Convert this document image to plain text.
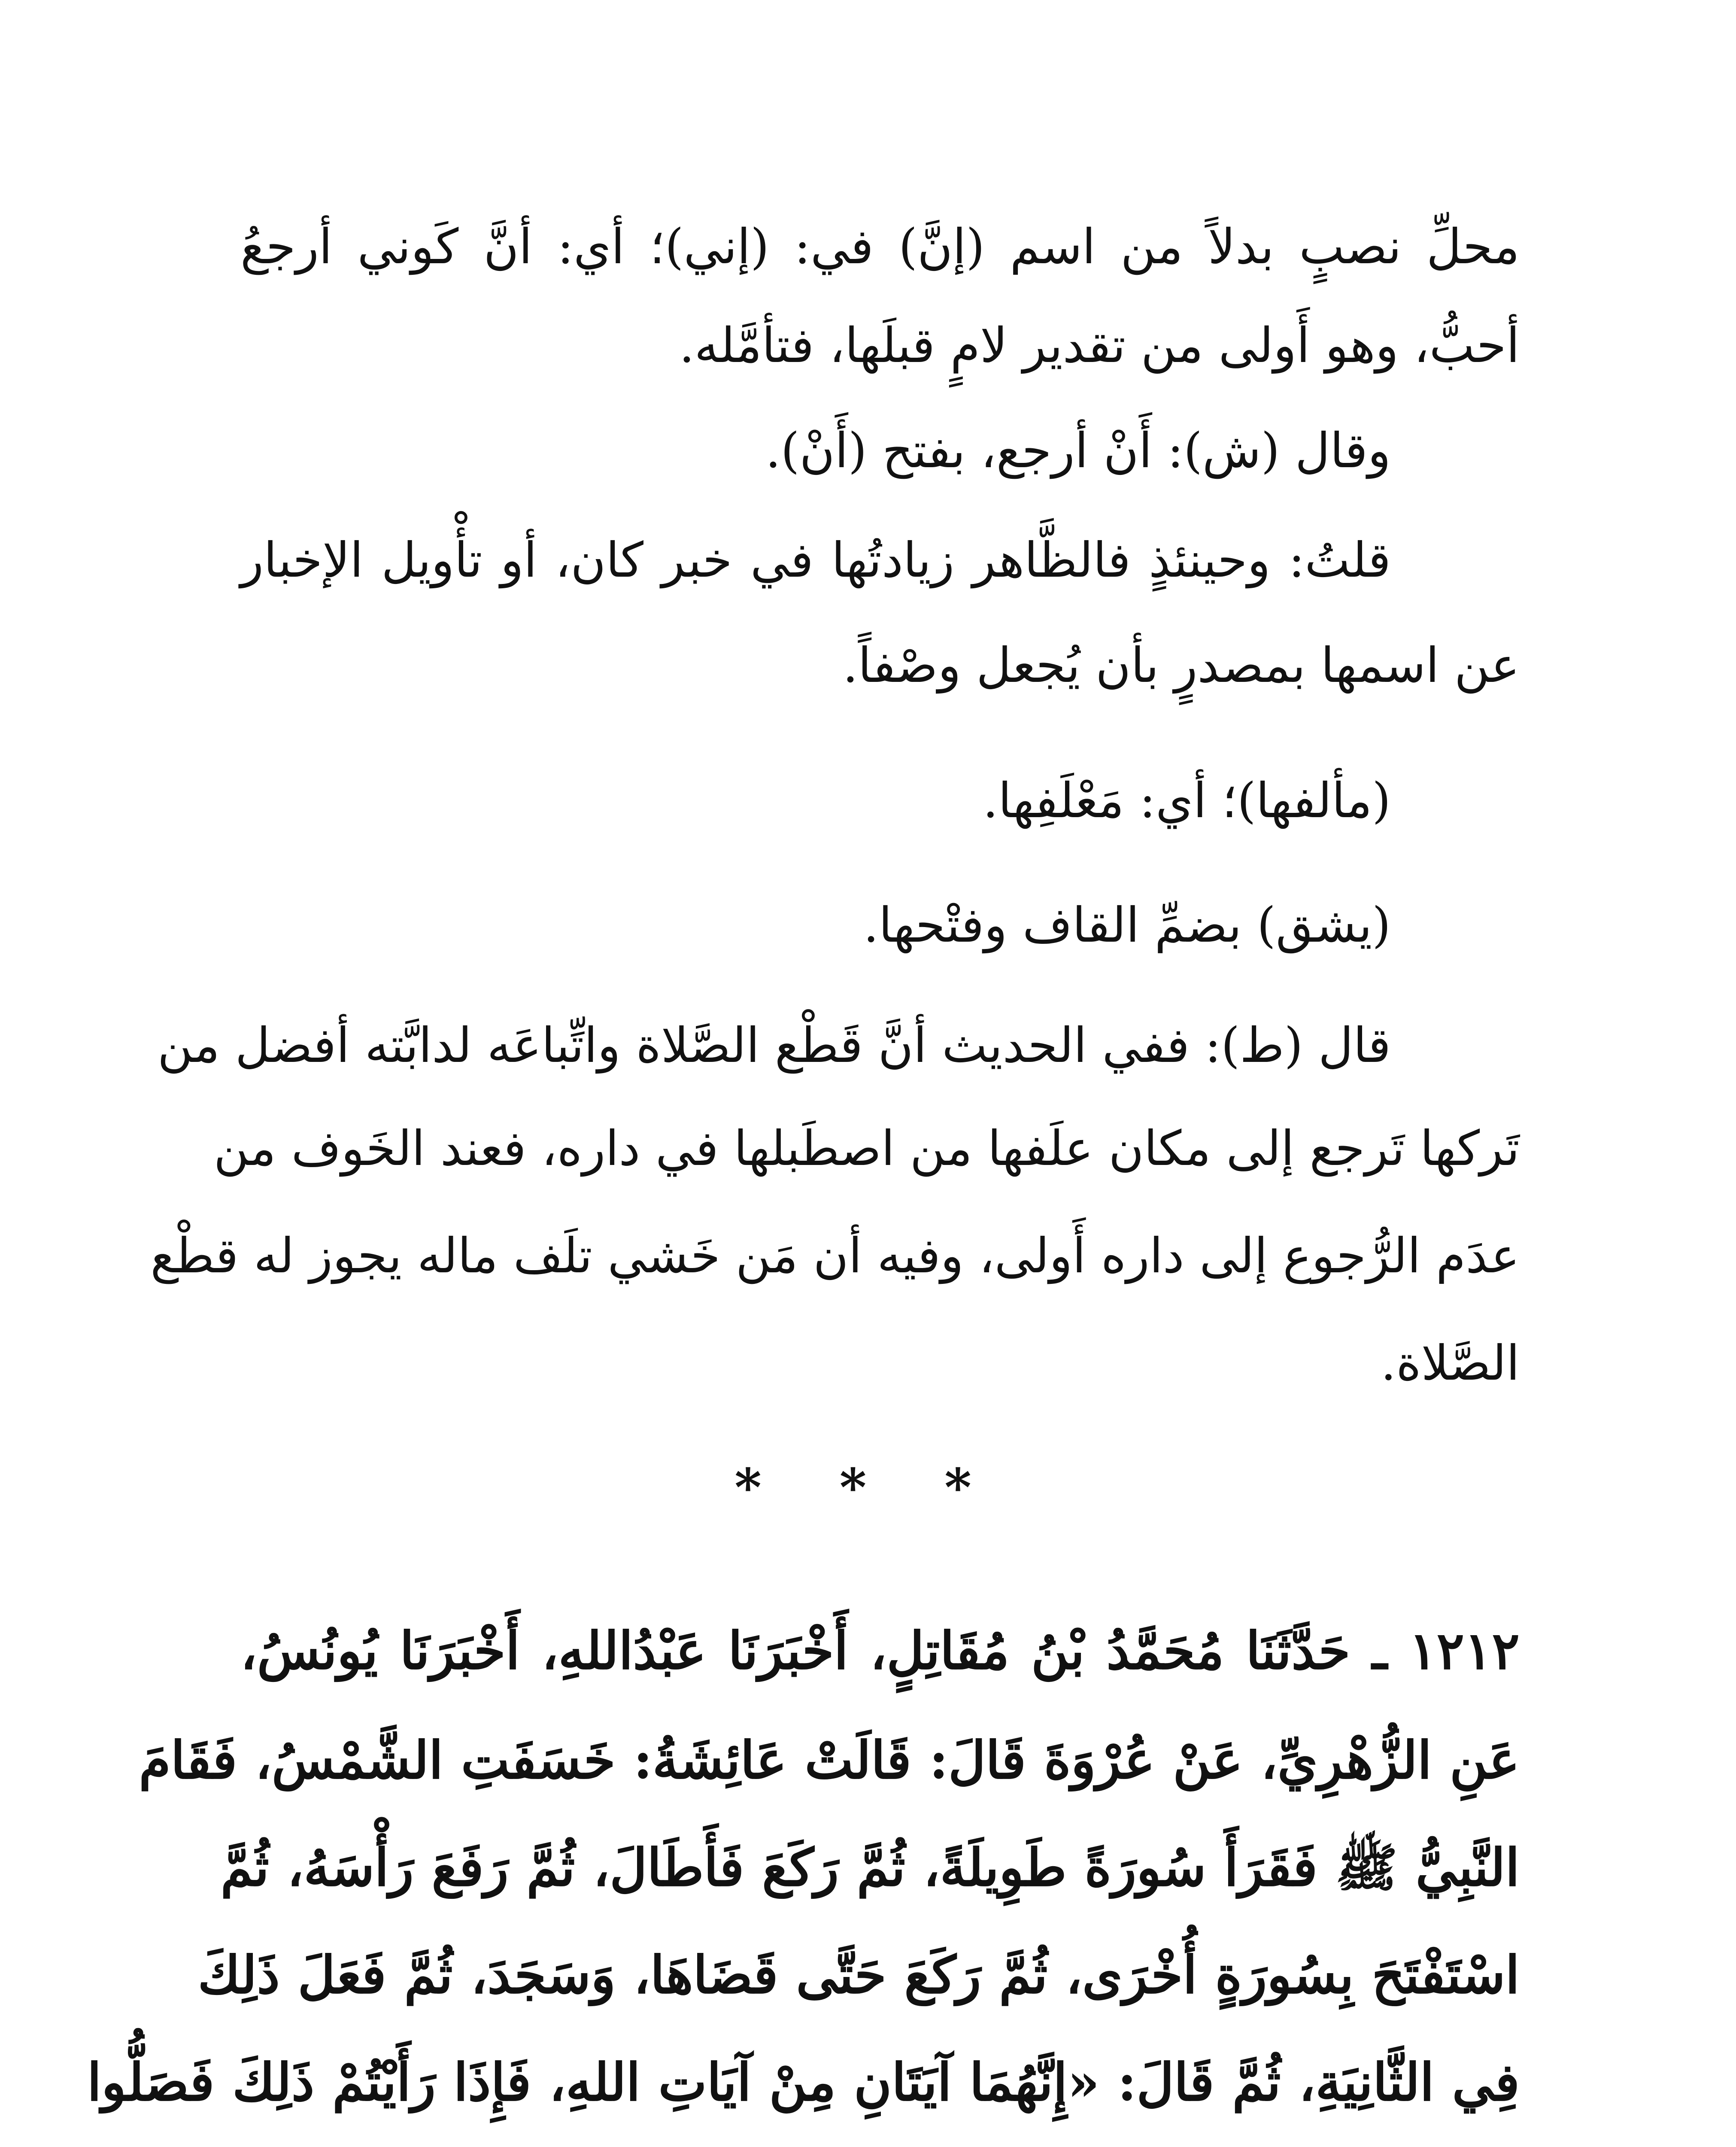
محلِّ نصبٍ بدلاً من اسم (إنَّ) في: (إني)؛ أي: أنَّ كَوني أرجعُ
أحبُّ، وهو أَولى من تقدير لامٍ قبلَها، فتأمَّله.
وقال (ش): أَنْ أرجع، بفتح (أَنْ).
قلتُ: وحينئذٍ فالظَّاهر زيادتُها في خبر كان، أو تأْويل الإخبار
عن اسمها بمصدرٍ بأن يُجعل وصْفاً.
(مألفها)؛ أي: مَعْلَفِها.
(يشق) بضمِّ القاف وفتْحها.
قال (ط): ففي الحديث أنَّ قَطْع الصَّلاة واتِّباعَه لدابَّته أفضل من
تَركها تَرجع إلى مكان علَفها من اصطَبلها في داره، فعند الخَوف من
عدَم الرُّجوع إلى داره أَولى، وفيه أن مَن خَشي تلَف ماله يجوز له قطْع
الصَّلاة.
* * *
١٢١٢ ـ حَدَّثَنَا مُحَمَّدُ بْنُ مُقَاتِلٍ، أَخْبَرَنَا عَبْدُاللهِ، أَخْبَرَنَا يُونُسُ،
عَنِ الزُّهْرِيِّ، عَنْ عُرْوَةَ قَالَ: قَالَتْ عَائِشَةُ: خَسَفَتِ الشَّمْسُ، فَقَامَ
النَّبِيُّ ﷺ فَقَرَأَ سُورَةً طَوِيلَةً، ثُمَّ رَكَعَ فَأَطَالَ، ثُمَّ رَفَعَ رَأْسَهُ، ثُمَّ
اسْتَفْتَحَ بِسُورَةٍ أُخْرَى، ثُمَّ رَكَعَ حَتَّى قَضَاهَا، وَسَجَدَ، ثُمَّ فَعَلَ ذَلِكَ
فِي الثَّانِيَةِ، ثُمَّ قَالَ: «إِنَّهُمَا آيَتَانِ مِنْ آيَاتِ اللهِ، فَإِذَا رَأَيْتُمْ ذَلِكَ فَصَلُّوا
